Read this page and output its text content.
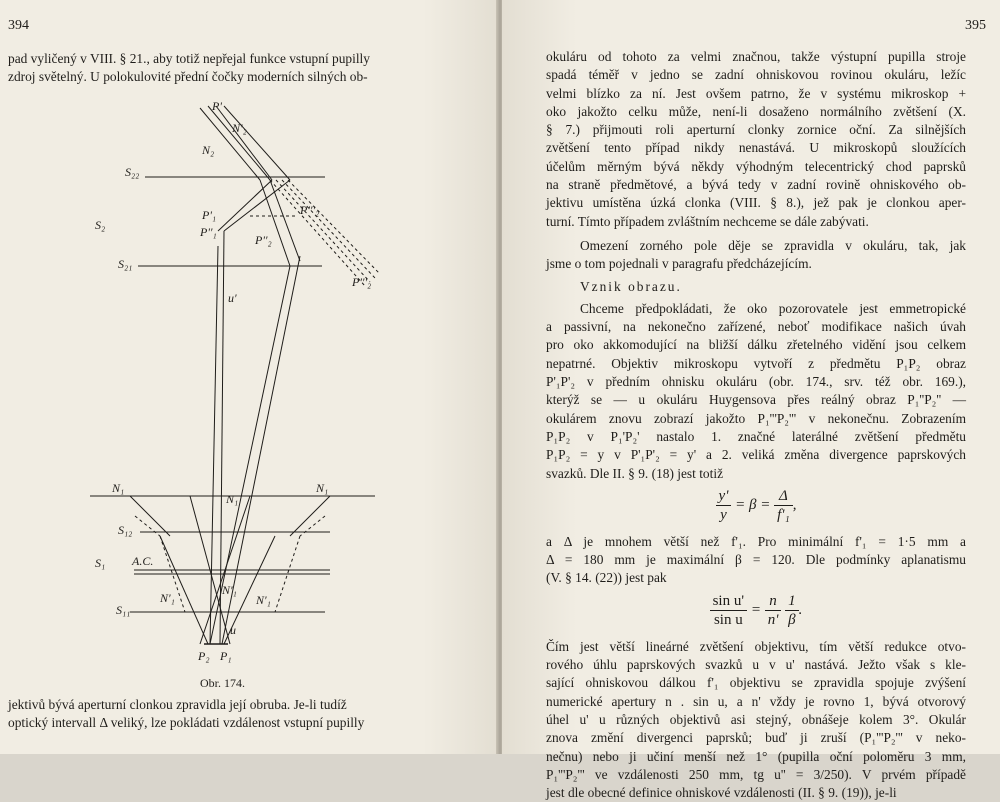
394
pad vyličený v VIII. § 21., aby totiž nepřejal funkce vstupní pupilly
zdroj světelný. U polokulovité přední čočky moderních silných ob-
P'
N'₂
N₂
S₂₂
S₂
P'₁
P''₁
P''₂
P'''₂
S₂₁
P'''₂
u'
N₁
N₁
N₁
S₁₂
S₁ A.C.
N'₁
N'₁
N'₁
S₁₁
u
P₂ P₁
Obr. 174.
jektivů bývá aperturní clonkou zpravidla její obruba. Je-li tudíž
optický intervall Δ veliký, lze pokládati vzdálenost vstupní pupilly
395
okuláru od tohoto za velmi značnou, takže výstupní pupilla stroje
spadá téměř v jedno se zadní ohniskovou rovinou okuláru, ležíc
velmi blízko za ní. Jest ovšem patrno, že v systému mikroskop +
oko jakožto celku může, není-li dosaženo normálního zvětšení (X.
§ 7.) přijmouti roli aperturní clonky zornice oční. Za silnějších
zvětšení tento případ nikdy nenastává. U mikroskopů sloužících
účelům měrným bývá někdy výhodným telecentrický chod paprsků
na straně předmětové, a bývá tedy v zadní rovině ohniskového ob-
jektivu umístěna úzká clonka (VIII. § 8.), jež pak je clonkou aper-
turní. Tímto případem zvláštním nechceme se dále zabývati.
Omezení zorného pole děje se zpravidla v okuláru, tak, jak
jsme o tom pojednali v paragrafu předcházejícím.
Vznik obrazu.
Chceme předpokládati, že oko pozorovatele jest emmetropické
a passivní, na nekonečno zařízené, neboť modifikace našich úvah
pro oko akkomodující na bližší dálku zřetelného vidění jsou celkem
nepatrné. Objektiv mikroskopu vytvoří z předmětu P₁P₂ obraz
P'₁P'₂ v předním ohnisku okuláru (obr. 174., srv. též obr. 169.),
kterýž se — u okuláru Huygensova přes reálný obraz P₁''P₂'' —
okulárem znovu zobrazí jakožto P₁'''P₂''' v nekonečnu. Zobrazením
P₁P₂ v P₁'P₂' nastalo 1. značné laterálné zvětšení předmětu
P₁P₂ = y v P'₁P'₂ = y' a 2. veliká změna divergence paprskových
svazků. Dle II. § 9. (18) jest totiž
$\frac{y'}{y} = \beta = \frac{\Delta}{\text{f'₁}}$ ,
a Δ je mnohem větší než f'₁. Pro minimální f'₁ = 1·5 mm a
Δ = 180 mm je maximální β = 120. Dle podmínky aplanatismu
(V. § 14. (22)) jest pak
$\frac{\text{sin u'}}{\text{sin u}} = \frac{n}{n'}$
$\frac{1}{\beta}$ .
Čím jest větší lineárné zvětšení objektivu, tím větší redukce otvo-
rového úhlu paprskových svazků u v u' nastává. Ježto však s kle-
sající ohniskovou dálkou f'₁ objektivu se zpravidla spojuje zvýšení
numerické apertury n . sin u, a n' vždy je rovno 1, bývá otvorový
úhel u' u různých objektivů asi stejný, obnášeje kolem 3°. Okulár
znova změní divergenci paprsků; buď ji zruší (P₁'''P₂''' v neko-
nečnu) nebo ji učiní menší než 1° (pupilla oční poloměru 3 mm,
P₁'''P₂''' ve vzdálenosti 250 mm, tg u'' = 3/250). V prvém případě
jest dle obecné definice ohniskové vzdálenosti (II. § 9. (19)), je-li
